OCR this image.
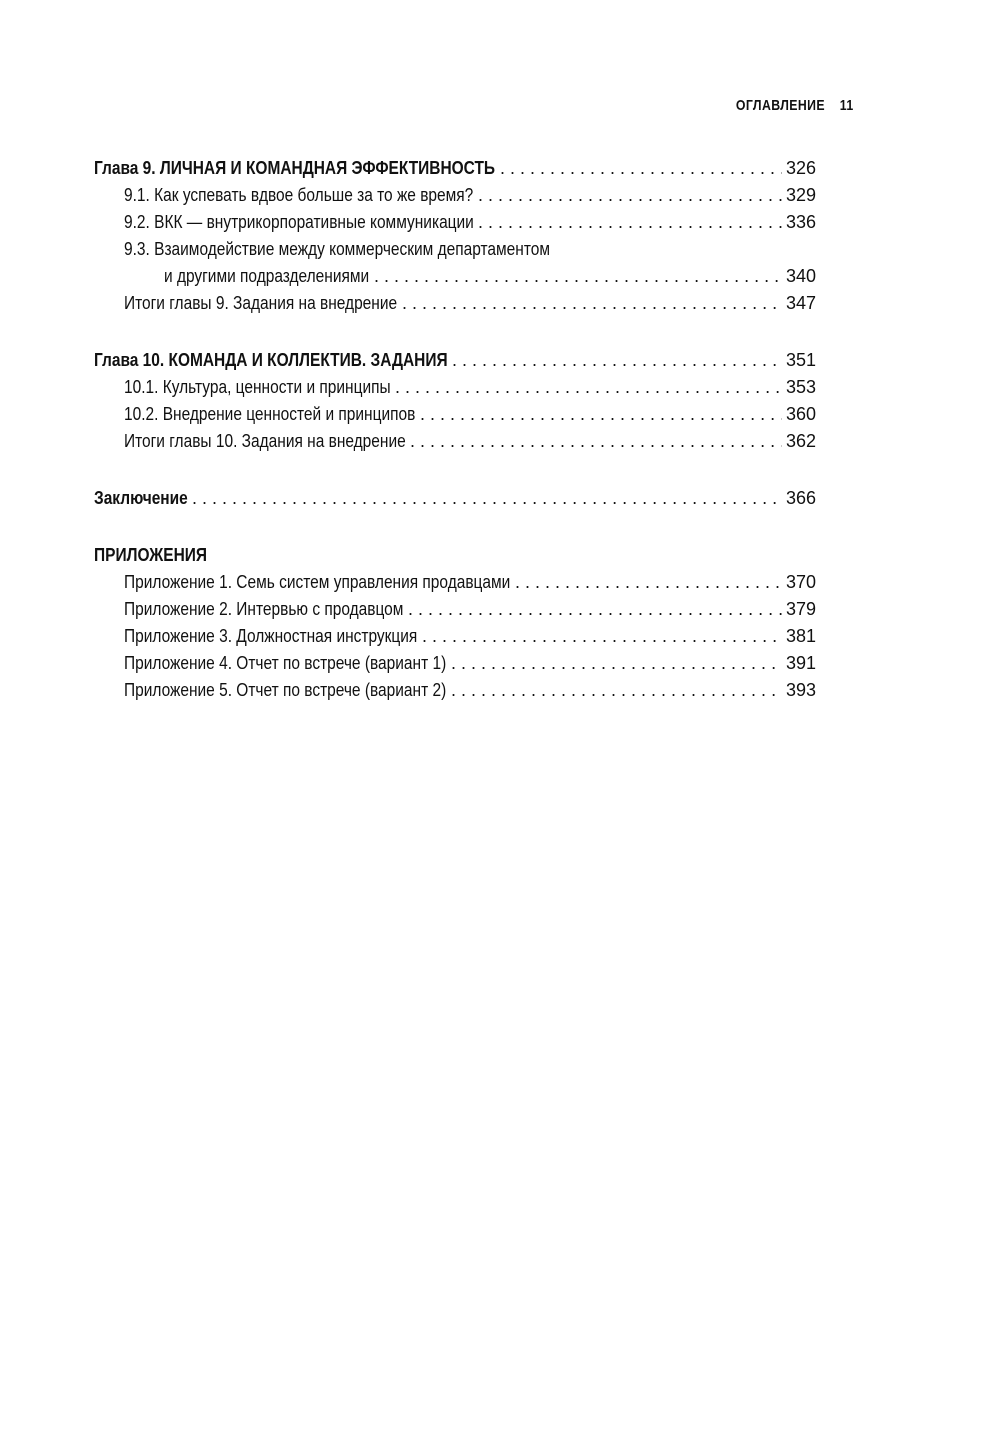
ОГЛАВЛЕНИЕ 11
Глава 9. ЛИЧНАЯ И КОМАНДНАЯ ЭФФЕКТИВНОСТЬ . . .	326
9.1. Как успевать вдвое больше за то же время? . . .	329
9.2. ВКК — внутрикорпоративные коммуникации . . .	336
9.3. Взаимодействие между коммерческим департаментом
и другими подразделениями . . .	340
Итоги главы 9. Задания на внедрение . . .	347
Глава 10. КОМАНДА И КОЛЛЕКТИВ. ЗАДАНИЯ . . .	351
10.1. Культура, ценности и принципы . . .	353
10.2. Внедрение ценностей и принципов . . .	360
Итоги главы 10. Задания на внедрение . . .	362
Заключение . . .	366
ПРИЛОЖЕНИЯ
Приложение 1. Семь систем управления продавцами . . .	370
Приложение 2. Интервью с продавцом . . .	379
Приложение 3. Должностная инструкция . . .	381
Приложение 4. Отчет по встрече (вариант 1) . . .	391
Приложение 5. Отчет по встрече (вариант 2) . . .	393
